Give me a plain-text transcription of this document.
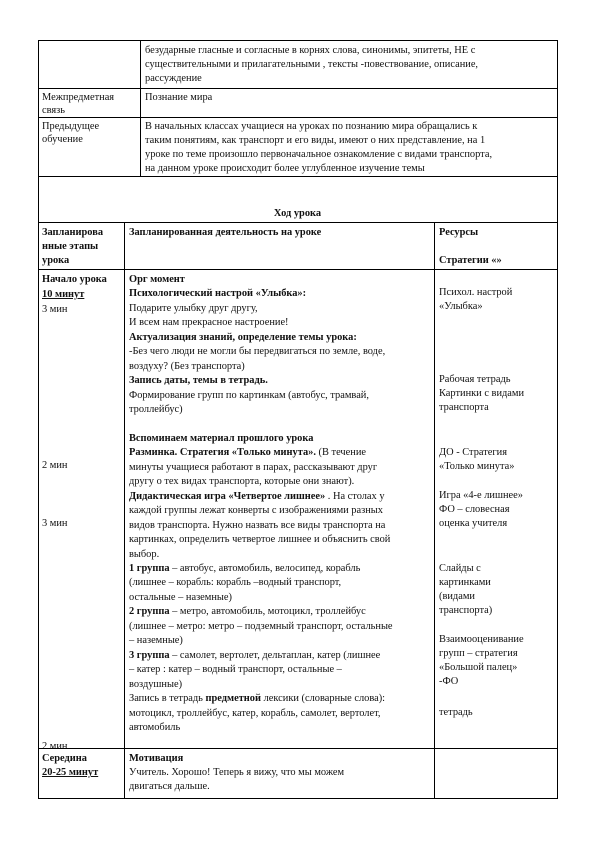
безударные гласные и согласные в корнях слова, синонимы, эпитеты, НЕ с
существительными и прилагательными , тексты -повествование, описание,
рассуждение
Межпредметная
связь
Познание мира
Предыдущее
обучение
В начальных классах учащиеся на уроках по познанию мира обращались к
таким понятиям, как транспорт и его виды, имеют о них представление, на 1
уроке по теме произошло первоначальное ознакомление с видами транспорта,
на данном уроке происходит более углубленное изучение темы
Ход урока
Запланирова
нные этапы
урока
Запланированная деятельность на уроке	Ресурсы
Стратегии «»
Начало урока
10 минут
3 мин
2 мин
3 мин
2 мин
Орг момент
Психологический настрой «Улыбка»:
Подарите улыбку друг другу,
И всем нам прекрасное настроение!
Актуализация знаний, определение темы урока:
-Без чего люди не могли бы передвигаться по земле, воде,
воздуху? (Без транспорта)
Запись даты, темы в тетрадь.
Формирование групп по картинкам (автобус, трамвай,
троллейбус)
Вспоминаем материал прошлого урока
Разминка. Стратегия «Только минута». (В течение
минуты учащиеся работают в парах, рассказывают друг
другу о тех видах транспорта, которые они знают).
Дидактическая игра «Четвертое лишнее» . На столах у
каждой группы лежат конверты с изображениями разных
видов транспорта. Нужно назвать все виды транспорта на
картинках, определить четвертое лишнее и объяснить свой
выбор.
1 группа – автобус, автомобиль, велосипед, корабль
(лишнее – корабль: корабль –водный транспорт,
остальные – наземные)
2 группа – метро, автомобиль, мотоцикл, троллейбус
(лишнее – метро: метро – подземный транспорт, остальные
– наземные)
3 группа – самолет, вертолет, дельтаплан, катер (лишнее
– катер : катер – водный транспорт, остальные –
воздушные)
Запись в тетрадь предметной лексики (словарные слова):
мотоцикл, троллейбус, катер, корабль, самолет, вертолет,
автомобиль
Психол. настрой
«Улыбка»
Рабочая тетрадь
Картинки с видами
транспорта
ДО - Стратегия
«Только минута»
Игра «4-е лишнее»
ФО – словесная
оценка учителя
Слайды с
картинками
(видами
транспорта)
Взаимооценивание
групп – стратегия
«Большой палец»
-ФО
тетрадь
Середина
20-25 минут
Мотивация
Учитель. Хорошо! Теперь я вижу, что мы можем
двигаться дальше.
